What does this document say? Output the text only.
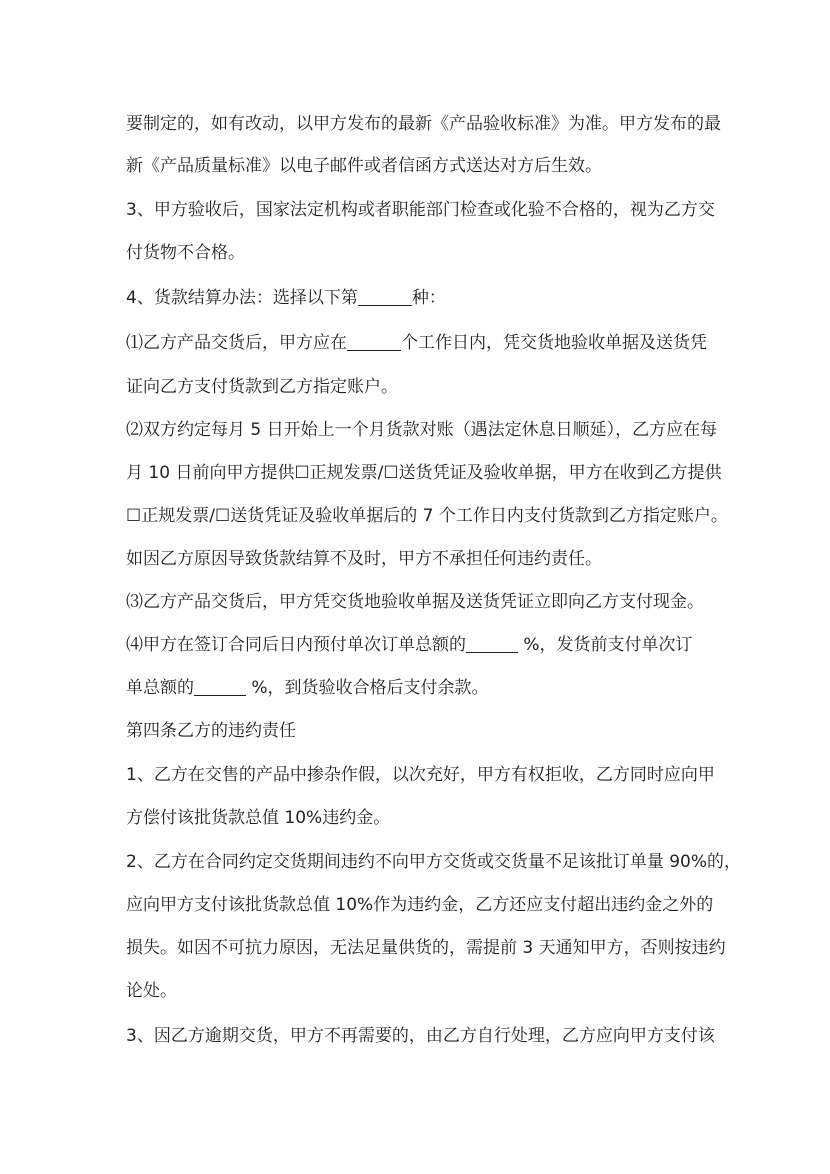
要制定的，如有改动，以甲方发布的最新《产品验收标准》为准。甲方发布的最
新《产品质量标准》以电子邮件或者信函方式送达对方后生效。
3、甲方验收后，国家法定机构或者职能部门检查或化验不合格的，视为乙方交
付货物不合格。
4、货款结算办法：选择以下第	种：
⑴乙方产品交货后，甲方应在	个工作日内，凭交货地验收单据及送货凭
证向乙方支付货款到乙方指定账户。
⑵双方约定每月 5 日开始上一个月货款对账（遇法定休息日顺延），乙方应在每
月 10 日前向甲方提供☐正规发票/☐送货凭证及验收单据，甲方在收到乙方提供
☐正规发票/☐送货凭证及验收单据后的 7 个工作日内支付货款到乙方指定账户。
如因乙方原因导致货款结算不及时，甲方不承担任何违约责任。
⑶乙方产品交货后，甲方凭交货地验收单据及送货凭证立即向乙方支付现金。
⑷甲方在签订合同后日内预付单次订单总额的	%，发货前支付单次订
单总额的	%，到货验收合格后支付余款。
第四条乙方的违约责任
1、乙方在交售的产品中掺杂作假，以次充好，甲方有权拒收，乙方同时应向甲
方偿付该批货款总值 10%违约金。
2、乙方在合同约定交货期间违约不向甲方交货或交货量不足该批订单量 90%的，
应向甲方支付该批货款总值 10%作为违约金，乙方还应支付超出违约金之外的
损失。如因不可抗力原因，无法足量供货的，需提前 3 天通知甲方，否则按违约
论处。
3、因乙方逾期交货，甲方不再需要的，由乙方自行处理，乙方应向甲方支付该
